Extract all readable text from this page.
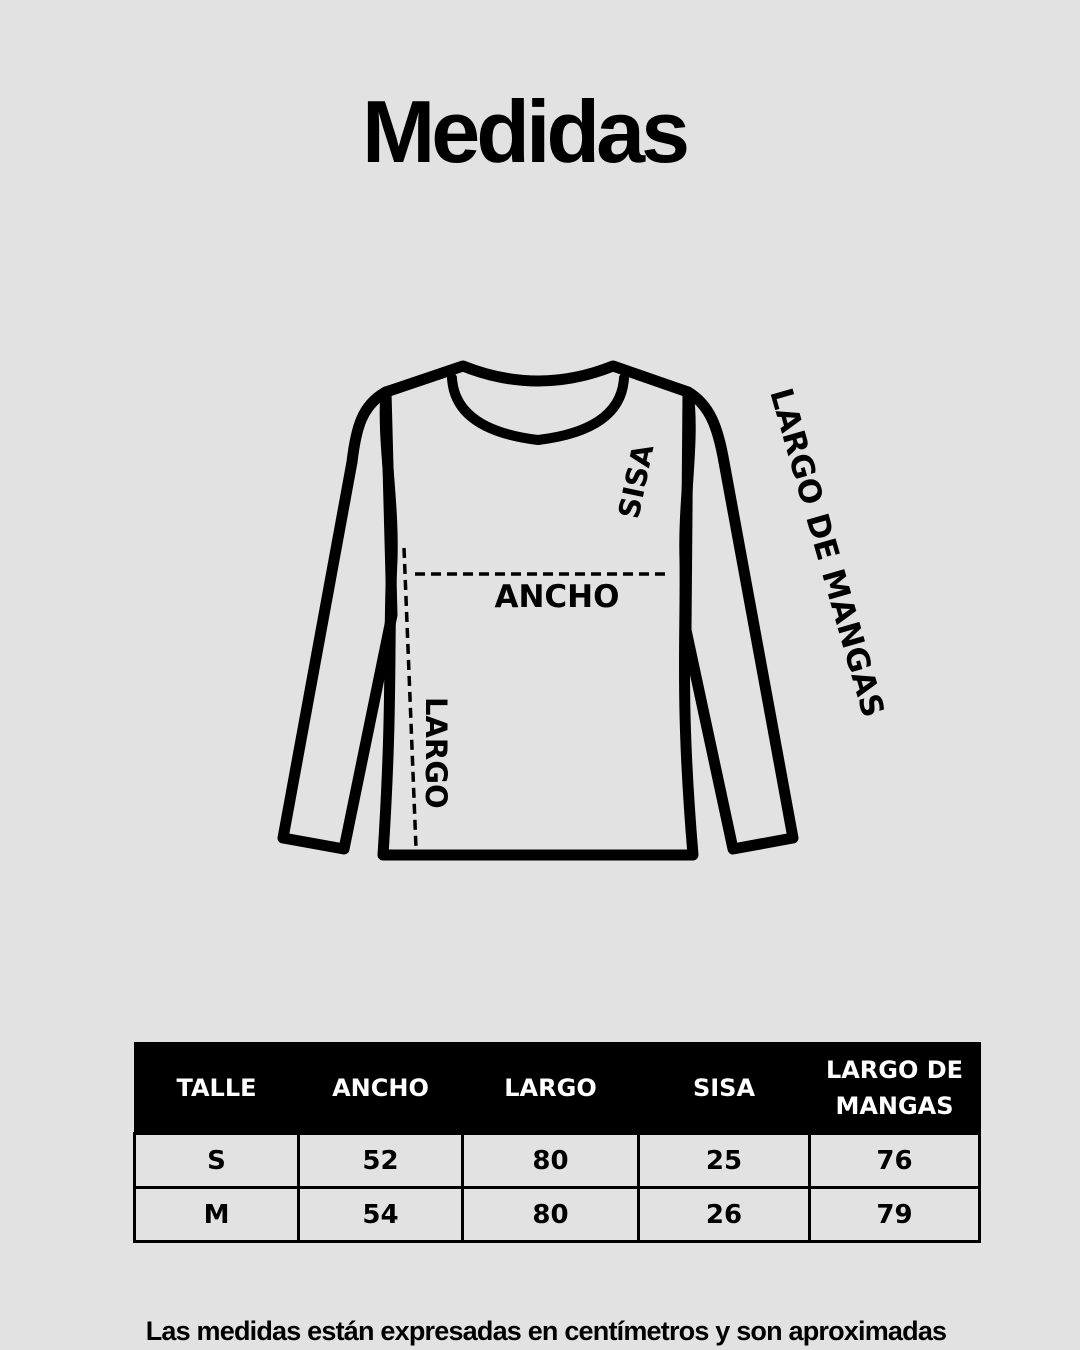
Medidas
ANCHO
LARGO
SISA	LARGO DE MANGAS
TALLE	ANCHO	LARGO	SISA	LARGO DE
MANGAS
S	52	80	25	76
M	54	80	26	79

Las medidas están expresadas en centímetros y son aproximadas
